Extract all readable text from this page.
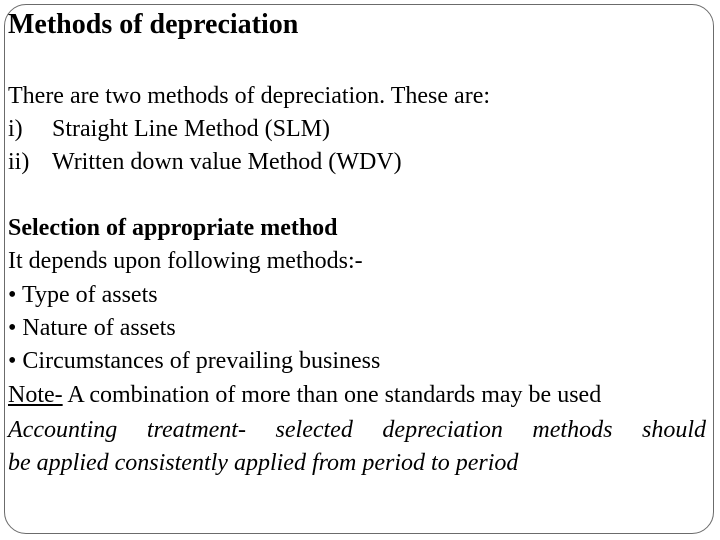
Methods of depreciation
There are two methods of depreciation. These are:
i) Straight Line Method (SLM)
ii) Written down value Method (WDV)
Selection of appropriate method
It depends upon following methods:-
• Type of assets
• Nature of assets
• Circumstances of prevailing business
Note- A combination of more than one standards may be used
Accounting treatment- selected depreciation methods should
be applied consistently applied from period to period
